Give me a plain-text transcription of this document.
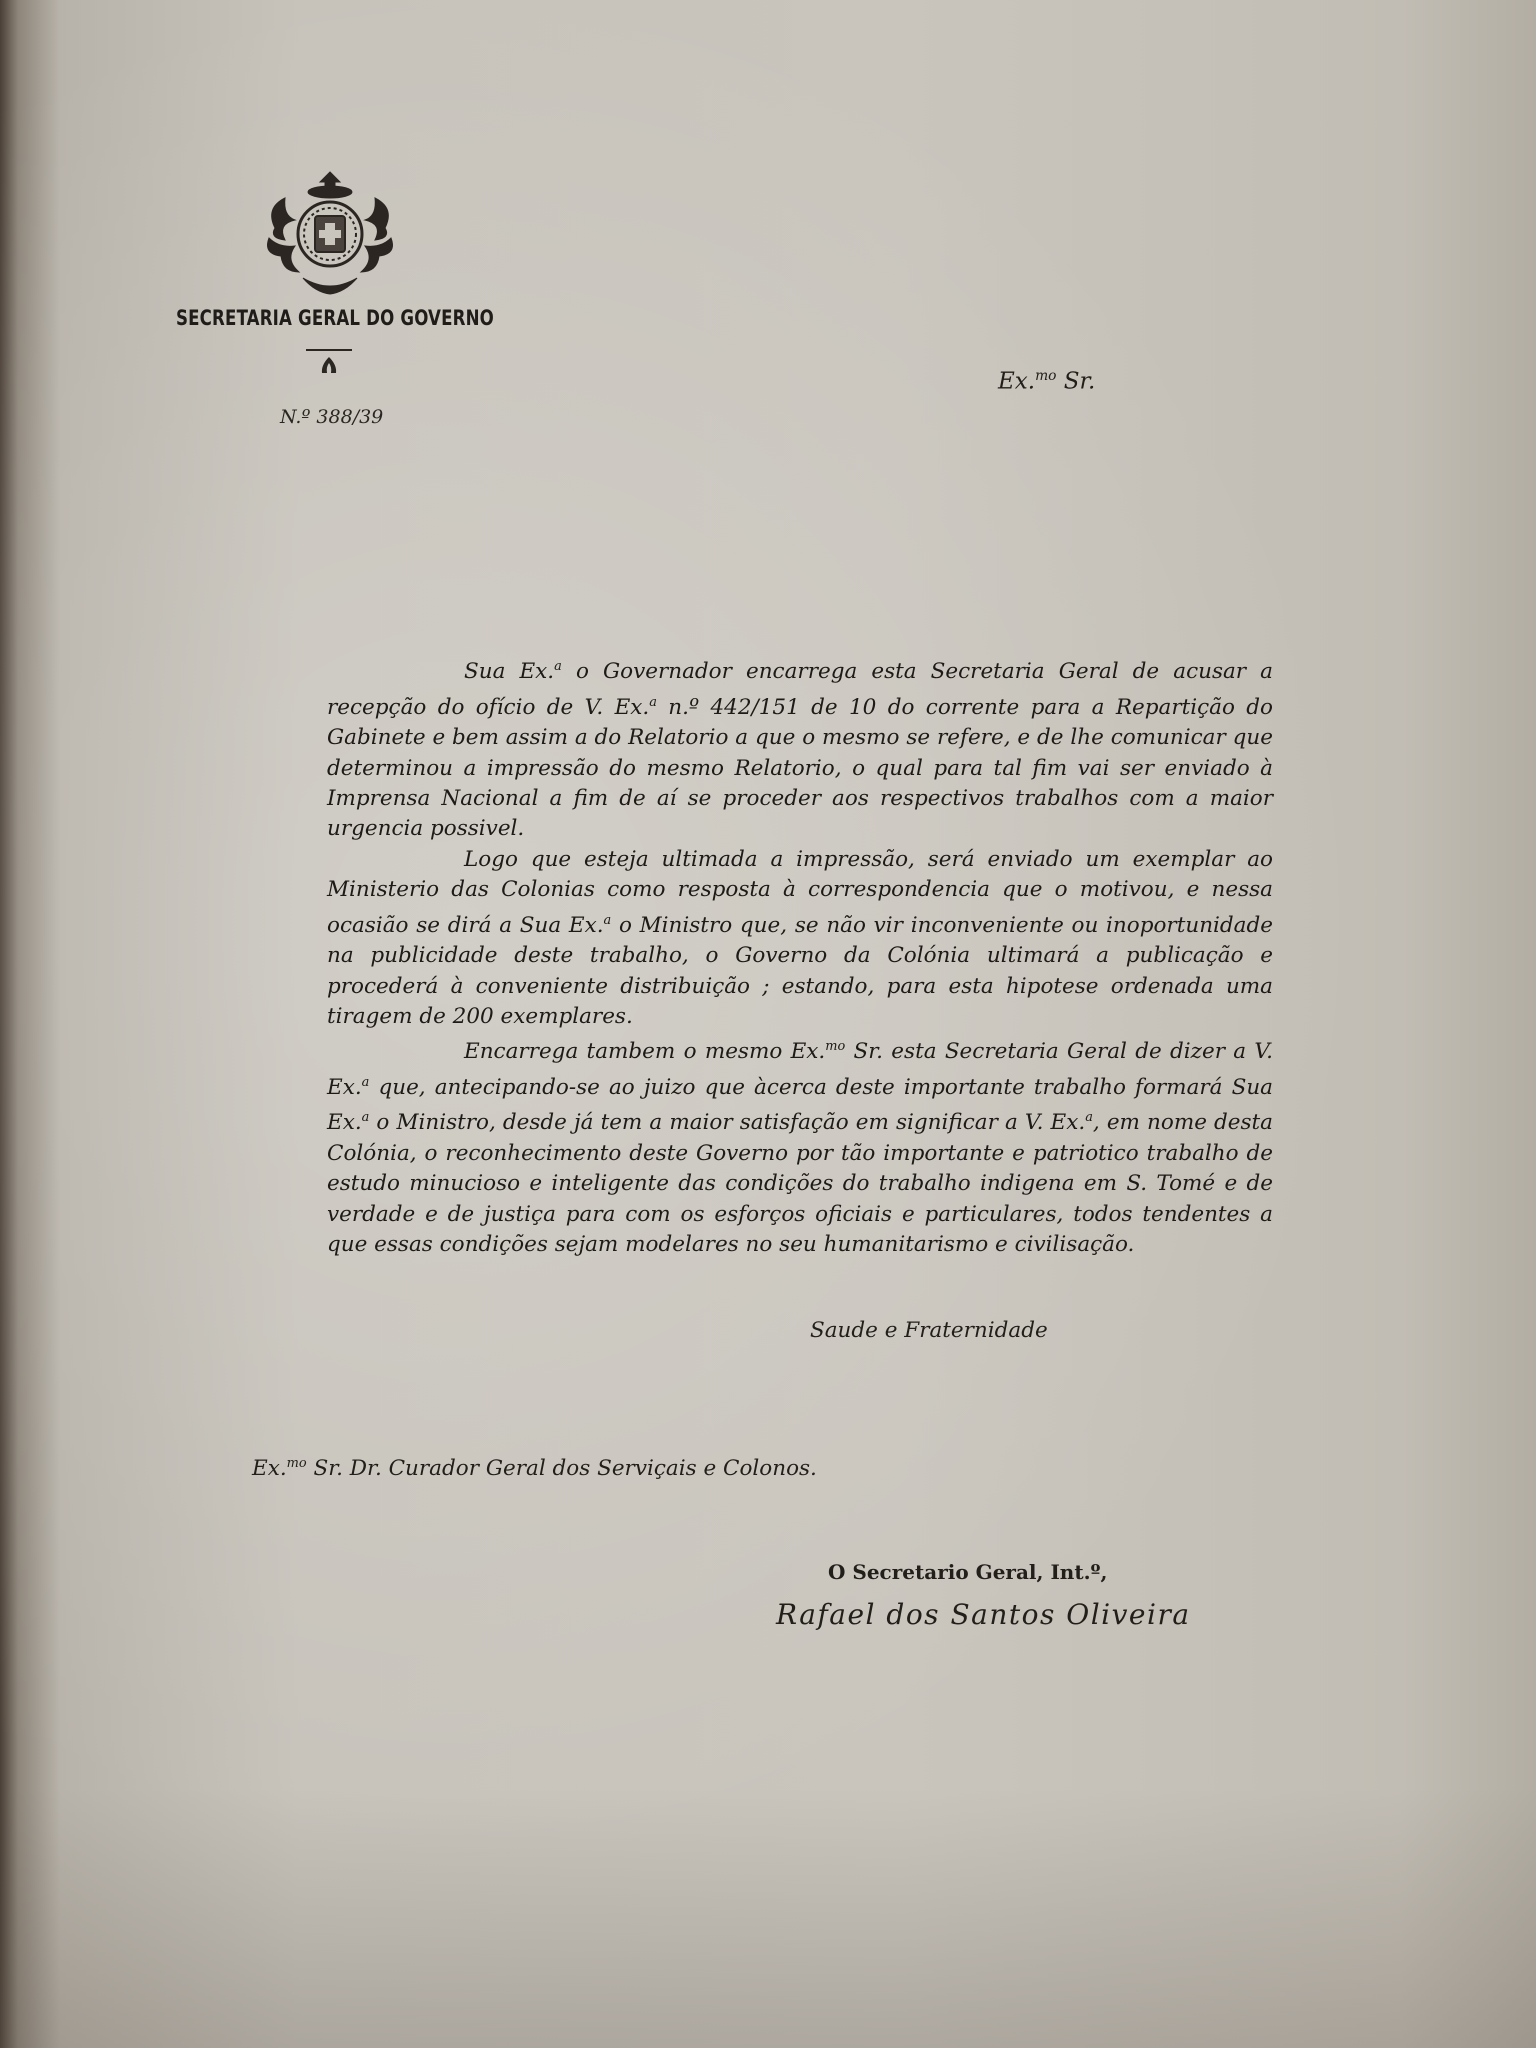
SECRETARIA GERAL DO GOVERNO
N.º 388/39
Ex.$^{mo}$ Sr.

Sua Ex.$^a$ o Governador encarrega esta Secretaria Geral de acusar a recepção do ofício de V. Ex.$^a$ n.º 442/151 de 10 do corrente para a Repartição do Gabinete e bem assim a do Relatorio a que o mesmo se refere, e de lhe comunicar que determinou a impressão do mesmo Relatorio, o qual para tal fim vai ser enviado à Imprensa Nacional a fim de aí se proceder aos respectivos trabalhos com a maior urgencia possivel.

Logo que esteja ultimada a impressão, será enviado um exemplar ao Ministerio das Colonias como resposta à correspondencia que o motivou, e nessa ocasião se dirá a Sua Ex.$^a$ o Ministro que, se não vir inconveniente ou inoportunidade na publicidade deste trabalho, o Governo da Colónia ultimará a publicação e procederá à conveniente distribuição ; estando, para esta hipotese ordenada uma tiragem de 200 exemplares.

Encarrega tambem o mesmo Ex.$^{mo}$ Sr. esta Secretaria Geral de dizer a V. Ex.$^a$ que, antecipando-se ao juizo que àcerca deste importante trabalho formará Sua Ex.$^a$ o Ministro, desde já tem a maior satisfação em significar a V. Ex.$^a$, em nome desta Colónia, o reconhecimento deste Governo por tão importante e patriotico trabalho de estudo minucioso e inteligente das condições do trabalho indigena em S. Tomé e de verdade e de justiça para com os esforços oficiais e particulares, todos tendentes a que essas condições sejam modelares no seu humanitarismo e civilisação.

Saude e Fraternidade
Ex.$^{mo}$ Sr. Dr. Curador Geral dos Serviçais e Colonos.
O Secretario Geral, Int.º,
Rafael dos Santos Oliveira
